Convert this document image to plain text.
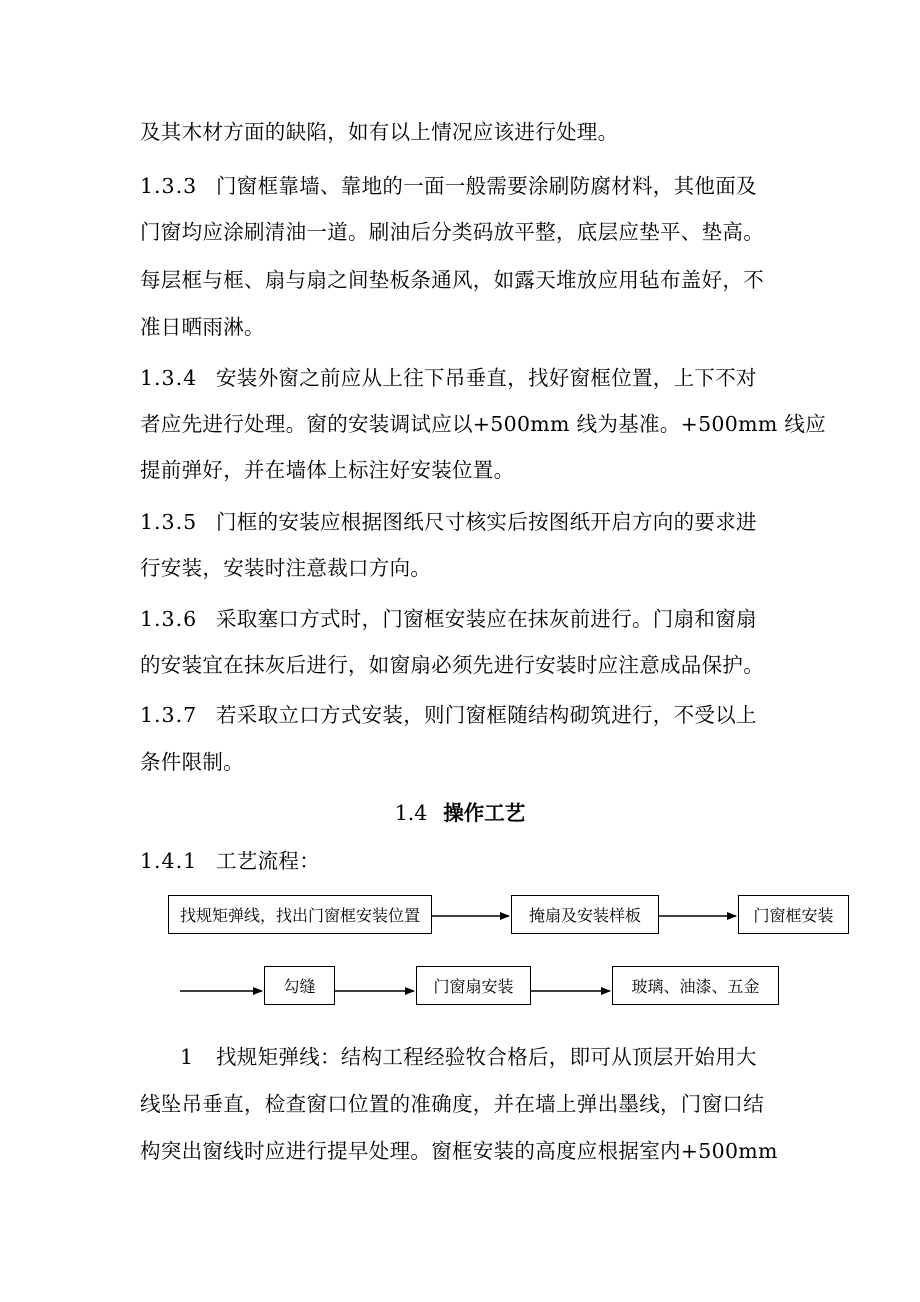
及其木材方面的缺陷，如有以上情况应该进行处理。
1.3.3 门窗框靠墙、靠地的一面一般需要涂刷防腐材料，其他面及
门窗均应涂刷清油一道。刷油后分类码放平整，底层应垫平、垫高。
每层框与框、扇与扇之间垫板条通风，如露天堆放应用毡布盖好，不
准日晒雨淋。
1.3.4 安装外窗之前应从上往下吊垂直，找好窗框位置，上下不对
者应先进行处理。窗的安装调试应以+500mm 线为基准。+500mm 线应
提前弹好，并在墙体上标注好安装位置。
1.3.5 门框的安装应根据图纸尺寸核实后按图纸开启方向的要求进
行安装，安装时注意裁口方向。
1.3.6 采取塞口方式时，门窗框安装应在抹灰前进行。门扇和窗扇
的安装宜在抹灰后进行，如窗扇必须先进行安装时应注意成品保护。
1.3.7 若采取立口方式安装，则门窗框随结构砌筑进行，不受以上
条件限制。
1.4 操作工艺
1.4.1 工艺流程：
找规矩弹线，找出门窗框安装位置	掩扇及安装样板	门窗框安装
勾缝	门窗扇安装	玻璃、油漆、五金
1 找规矩弹线：结构工程经验牧合格后，即可从顶层开始用大
线坠吊垂直，检查窗口位置的准确度，并在墙上弹出墨线，门窗口结
构突出窗线时应进行提早处理。窗框安装的高度应根据室内+500mm
